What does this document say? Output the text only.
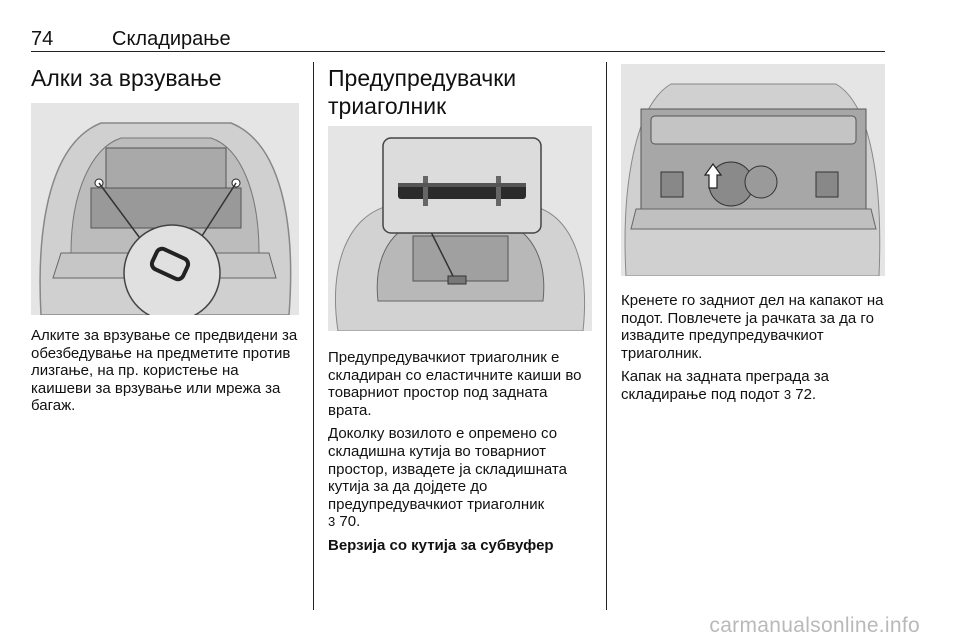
74	Складирање
Алки за врзување

Алките за врзување се предвидени за обезбедување на предметите против лизгање, на пр. користење на каишеви за врзување или мрежа за багаж.

Предупредувачки
триаголник

Предупредувачкиот триаголник е складиран со еластичните каиши во товарниот простор под задната врата.

Доколку возилото е опремено со складишна кутија во товарниот простор, извадете ја складишната кутија за да дојдете до предупредувачкиот триаголник
3 70.

Верзија со кутија за субвуфер

Кренете го задниот дел на капакот на подот. Повлечете ја рачката за да го извадите предупредувачкиот триаголник.

Капак на задната преграда за складирање под подот 3 72.

carmanualsonline.info
